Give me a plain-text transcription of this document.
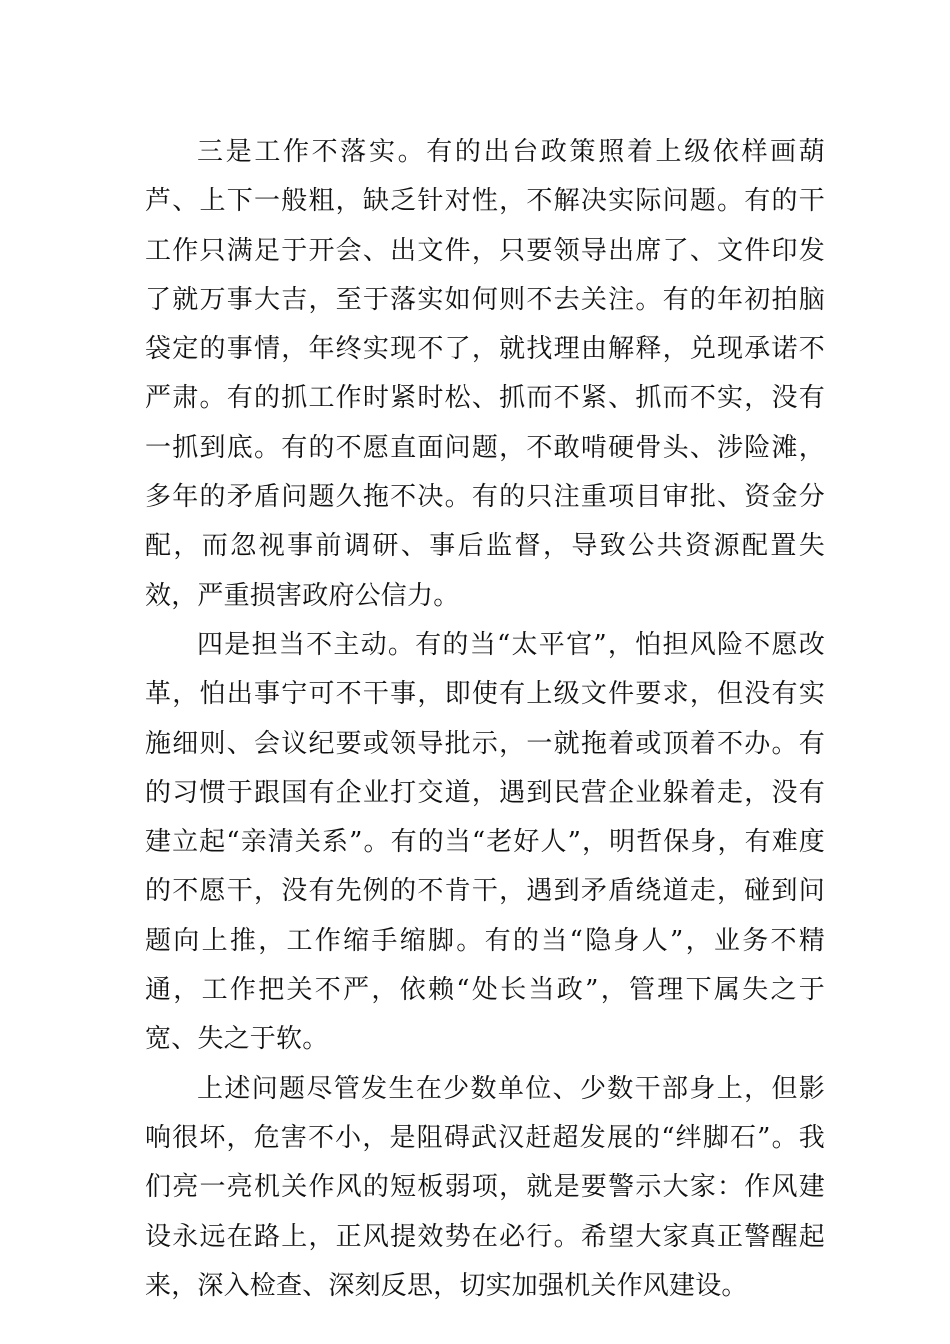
三是工作不落实。有的出台政策照着上级依样画葫芦、上下一般粗，缺乏针对性，不解决实际问题。有的干工作只满足于开会、出文件，只要领导出席了、文件印发了就万事大吉，至于落实如何则不去关注。有的年初拍脑袋定的事情，年终实现不了，就找理由解释，兑现承诺不严肃。有的抓工作时紧时松、抓而不紧、抓而不实，没有一抓到底。有的不愿直面问题，不敢啃硬骨头、涉险滩，多年的矛盾问题久拖不决。有的只注重项目审批、资金分配，而忽视事前调研、事后监督，导致公共资源配置失效，严重损害政府公信力。

四是担当不主动。有的当“太平官”，怕担风险不愿改革，怕出事宁可不干事，即使有上级文件要求，但没有实施细则、会议纪要或领导批示，一就拖着或顶着不办。有的习惯于跟国有企业打交道，遇到民营企业躲着走，没有建立起“亲清关系”。有的当“老好人”，明哲保身，有难度的不愿干，没有先例的不肯干，遇到矛盾绕道走，碰到问题向上推，工作缩手缩脚。有的当“隐身人”，业务不精通，工作把关不严，依赖“处长当政”，管理下属失之于宽、失之于软。

上述问题尽管发生在少数单位、少数干部身上，但影响很坏，危害不小，是阻碍武汉赶超发展的“绊脚石”。我们亮一亮机关作风的短板弱项，就是要警示大家：作风建设永远在路上，正风提效势在必行。希望大家真正警醒起来，深入检查、深刻反思，切实加强机关作风建设。
